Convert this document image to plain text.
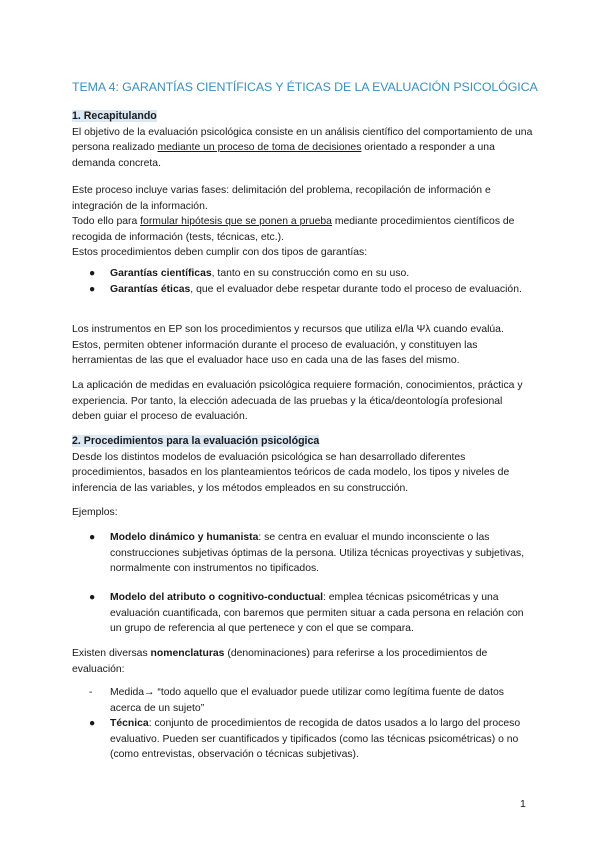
TEMA 4: GARANTÍAS CIENTÍFICAS Y ÉTICAS DE LA EVALUACIÓN PSICOLÓGICA
1. Recapitulando
El objetivo de la evaluación psicológica consiste en un análisis científico del comportamiento de una persona realizado mediante un proceso de toma de decisiones orientado a responder a una demanda concreta.
Este proceso incluye varias fases: delimitación del problema, recopilación de información e integración de la información.
Todo ello para formular hipótesis que se ponen a prueba mediante procedimientos científicos de recogida de información (tests, técnicas, etc.).
Estos procedimientos deben cumplir con dos tipos de garantías:
● Garantías científicas, tanto en su construcción como en su uso.
● Garantías éticas, que el evaluador debe respetar durante todo el proceso de evaluación.
Los instrumentos en EP son los procedimientos y recursos que utiliza el/la Ψλ cuando evalúa. Estos, permiten obtener información durante el proceso de evaluación, y constituyen las herramientas de las que el evaluador hace uso en cada una de las fases del mismo.
La aplicación de medidas en evaluación psicológica requiere formación, conocimientos, práctica y experiencia. Por tanto, la elección adecuada de las pruebas y la ética/deontología profesional deben guiar el proceso de evaluación.
2. Procedimientos para la evaluación psicológica
Desde los distintos modelos de evaluación psicológica se han desarrollado diferentes procedimientos, basados en los planteamientos teóricos de cada modelo, los tipos y niveles de inferencia de las variables, y los métodos empleados en su construcción.
Ejemplos:
● Modelo dinámico y humanista: se centra en evaluar el mundo inconsciente o las construcciones subjetivas óptimas de la persona. Utiliza técnicas proyectivas y subjetivas, normalmente con instrumentos no tipificados.
● Modelo del atributo o cognitivo-conductual: emplea técnicas psicométricas y una evaluación cuantificada, con baremos que permiten situar a cada persona en relación con un grupo de referencia al que pertenece y con el que se compara.
Existen diversas nomenclaturas (denominaciones) para referirse a los procedimientos de evaluación:
- Medida→ “todo aquello que el evaluador puede utilizar como legítima fuente de datos acerca de un sujeto”
● Técnica: conjunto de procedimientos de recogida de datos usados a lo largo del proceso evaluativo. Pueden ser cuantificados y tipificados (como las técnicas psicométricas) o no (como entrevistas, observación o técnicas subjetivas).
1
